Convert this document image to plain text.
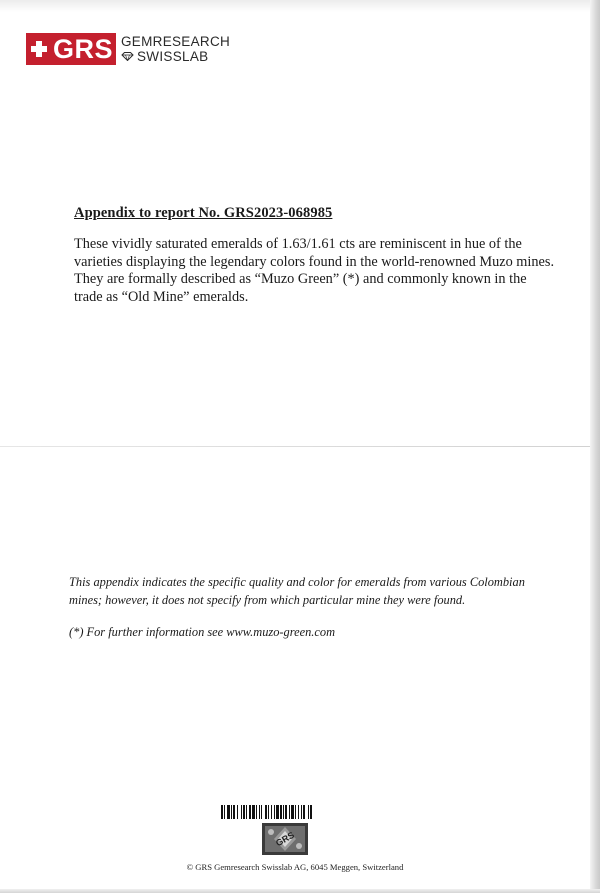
GRS GEMRESEARCH
SWISSLAB
Appendix to report No. GRS2023-068985
These vividly saturated emeralds of 1.63/1.61 cts are reminiscent in hue of the varieties displaying the legendary colors found in the world-renowned Muzo mines. They are formally described as “Muzo Green” (*) and commonly known in the trade as “Old Mine” emeralds.
This appendix indicates the specific quality and color for emeralds from various Colombian mines; however, it does not specify from which particular mine they were found.
(*) For further information see www.muzo-green.com
GRS
© GRS Gemresearch Swisslab AG, 6045 Meggen, Switzerland
